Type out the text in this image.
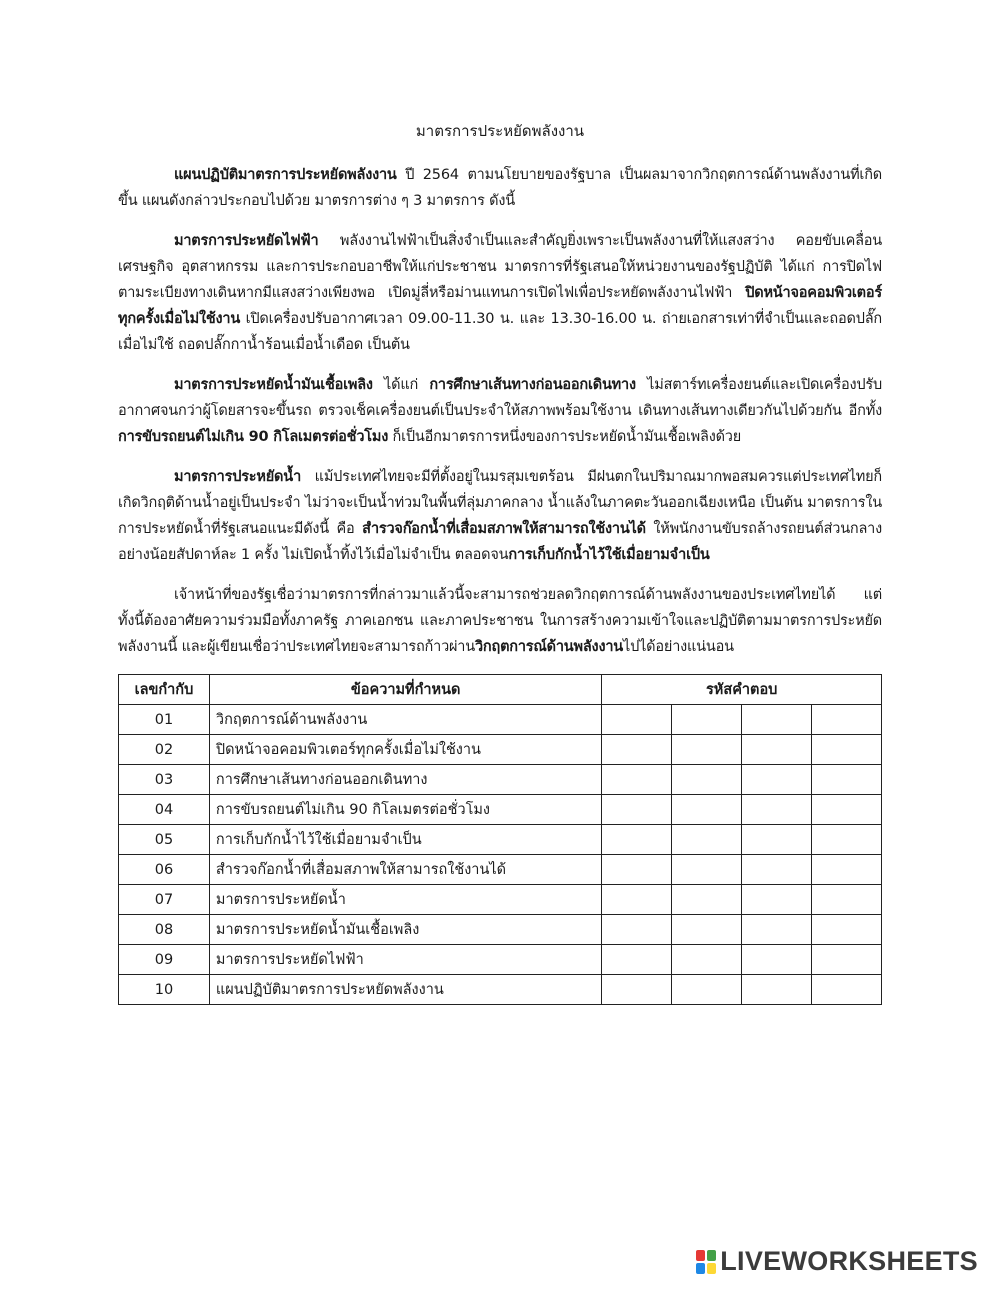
มาตรการประหยัดพลังงาน

แผนปฏิบัติมาตรการประหยัดพลังงาน ปี 2564 ตามนโยบายของรัฐบาล เป็นผลมาจากวิกฤตการณ์ด้านพลังงานที่เกิดขึ้น แผนดังกล่าวประกอบไปด้วย มาตรการต่าง ๆ 3 มาตรการ ดังนี้

มาตรการประหยัดไฟฟ้า พลังงานไฟฟ้าเป็นสิ่งจำเป็นและสำคัญยิ่งเพราะเป็นพลังงานที่ให้แสงสว่าง คอยขับเคลื่อนเศรษฐกิจ อุตสาหกรรม และการประกอบอาชีพให้แก่ประชาชน มาตรการที่รัฐเสนอให้หน่วยงานของรัฐปฏิบัติ ได้แก่ การปิดไฟตามระเบียงทางเดินหากมีแสงสว่างเพียงพอ เปิดมู่ลี่หรือม่านแทนการเปิดไฟเพื่อประหยัดพลังงานไฟฟ้า ปิดหน้าจอคอมพิวเตอร์ทุกครั้งเมื่อไม่ใช้งาน เปิดเครื่องปรับอากาศเวลา 09.00-11.30 น. และ 13.30-16.00 น. ถ่ายเอกสารเท่าที่จำเป็นและถอดปลั๊กเมื่อไม่ใช้ ถอดปลั๊กกาน้ำร้อนเมื่อน้ำเดือด เป็นต้น

มาตรการประหยัดน้ำมันเชื้อเพลิง ได้แก่ การศึกษาเส้นทางก่อนออกเดินทาง ไม่สตาร์ทเครื่องยนต์และเปิดเครื่องปรับอากาศจนกว่าผู้โดยสารจะขึ้นรถ ตรวจเช็คเครื่องยนต์เป็นประจำให้สภาพพร้อมใช้งาน เดินทางเส้นทางเดียวกันไปด้วยกัน อีกทั้งการขับรถยนต์ไม่เกิน 90 กิโลเมตรต่อชั่วโมง ก็เป็นอีกมาตรการหนึ่งของการประหยัดน้ำมันเชื้อเพลิงด้วย

มาตรการประหยัดน้ำ แม้ประเทศไทยจะมีที่ตั้งอยู่ในมรสุมเขตร้อน มีฝนตกในปริมาณมากพอสมควรแต่ประเทศไทยก็เกิดวิกฤติด้านน้ำอยู่เป็นประจำ ไม่ว่าจะเป็นน้ำท่วมในพื้นที่ลุ่มภาคกลาง น้ำแล้งในภาคตะวันออกเฉียงเหนือ เป็นต้น มาตรการในการประหยัดน้ำที่รัฐเสนอแนะมีดังนี้ คือ สำรวจก๊อกน้ำที่เสื่อมสภาพให้สามารถใช้งานได้ ให้พนักงานขับรถล้างรถยนต์ส่วนกลางอย่างน้อยสัปดาห์ละ 1 ครั้ง ไม่เปิดน้ำทิ้งไว้เมื่อไม่จำเป็น ตลอดจนการเก็บกักน้ำไว้ใช้เมื่อยามจำเป็น

เจ้าหน้าที่ของรัฐเชื่อว่ามาตรการที่กล่าวมาแล้วนี้จะสามารถช่วยลดวิกฤตการณ์ด้านพลังงานของประเทศไทยได้ แต่ทั้งนี้ต้องอาศัยความร่วมมือทั้งภาครัฐ ภาคเอกชน และภาคประชาชน ในการสร้างความเข้าใจและปฏิบัติตามมาตรการประหยัดพลังงานนี้ และผู้เขียนเชื่อว่าประเทศไทยจะสามารถก้าวผ่านวิกฤตการณ์ด้านพลังงานไปได้อย่างแน่นอน

เลขกำกับ	ข้อความที่กำหนด	รหัสคำตอบ			
01	วิกฤตการณ์ด้านพลังงาน				
02	ปิดหน้าจอคอมพิวเตอร์ทุกครั้งเมื่อไม่ใช้งาน				
03	การศึกษาเส้นทางก่อนออกเดินทาง				
04	การขับรถยนต์ไม่เกิน 90 กิโลเมตรต่อชั่วโมง				
05	การเก็บกักน้ำไว้ใช้เมื่อยามจำเป็น				
06	สำรวจก๊อกน้ำที่เสื่อมสภาพให้สามารถใช้งานได้				
07	มาตรการประหยัดน้ำ				
08	มาตรการประหยัดน้ำมันเชื้อเพลิง				
09	มาตรการประหยัดไฟฟ้า				
10	แผนปฏิบัติมาตรการประหยัดพลังงาน				
LIVEWORKSHEETS
